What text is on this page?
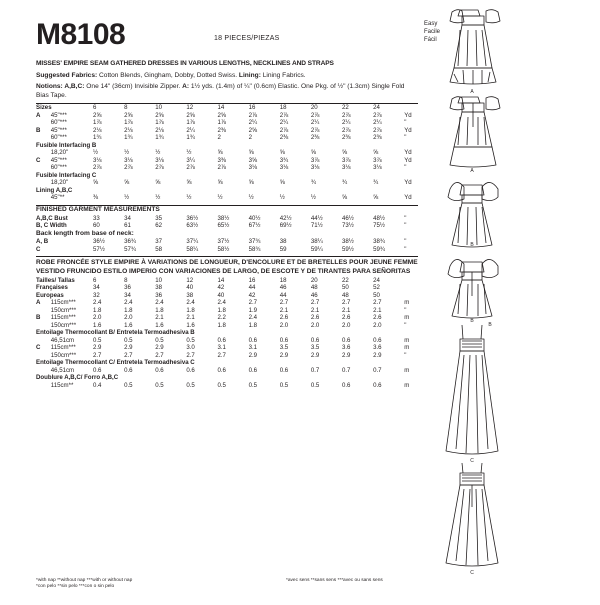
M8108	18 PIECES/PIEZAS
Easy
Facile
Fácil
MISSES' EMPIRE SEAM GATHERED DRESSES IN VARIOUS LENGTHS, NECKLINES AND STRAPS
Suggested Fabrics: Cotton Blends, Gingham, Dobby, Dotted Swiss. Lining: Lining Fabrics.
Notions: A,B,C: One 14" (36cm) Invisible Zipper. A: 1½ yds. (1.4m) of ¼" (0.6cm) Elastic. One Pkg. of ½" (1.3cm) Single Fold Bias Tape.
Sizes		6	8	10	12	14	16	18	20	22	24	
A	45"***	2⅝	2⅝	2⅝	2⅝	2⅝	2⅞	2⅞	2⅞	2⅞	2⅞	Yd
	60"***	1⅞	1⅞	1⅞	1⅞	1⅞	2¼	2¼	2¼	2¼	2¼	"
B	45"***	2⅛	2⅛	2⅛	2¼	2⅜	2⅝	2⅞	2⅞	2⅞	2⅞	Yd
	60"***	1¾	1¾	1¾	1¾	2	2	2⅜	2⅜	2⅜	2⅜	"
Fusible Interfacing B												
	18,20"	½	½	½	½	⅝	⅝	⅝	⅝	⅝	⅝	Yd
C	45"***	3⅛	3⅛	3⅛	3¼	3⅜	3⅝	3¾	3⅞	3⅞	3⅞	Yd
	60"***	2⅞	2⅞	2⅞	2⅞	2⅞	3⅛	3⅛	3⅛	3⅛	3⅛	"
Fusible Interfacing C												
	18,20"	⅝	⅝	⅝	⅝	⅝	⅝	⅝	¾	¾	¾	Yd
Lining A,B,C												
	45"**	⅜	½	½	½	½	½	½	½	⅝	⅝	Yd
FINISHED GARMENT MEASUREMENTS
A,B,C Bust	33	34	35	36½	38½	40½	42½	44½	46½	48½	"
B, C Width	60	61	62	63½	65½	67½	69½	71½	73½	75½	"
Back length from base of neck:
A, B	36½	36¾	37	37¼	37½	37¾	38	38¼	38½	38¾	"
C	57½	57¾	58	58¼	58½	58¾	59	59¼	59½	59¾	"
ROBE FRONCÉE STYLE EMPIRE À VARIATIONS DE LONGUEUR, D'ENCOLURE ET DE BRETELLES POUR JEUNE FEMME
VESTIDO FRUNCIDO ESTILO IMPERIO CON VARIACIONES DE LARGO, DE ESCOTE Y DE TIRANTES PARA SEÑORITAS
Tailles/ Tallas	6	8	10	12	14	16	18	20	22	24	
Françaises	34	36	38	40	42	44	46	48	50	52	
Europeas	32	34	36	38	40	42	44	46	48	50	
A	115cm***	2.4	2.4	2.4	2.4	2.4	2.7	2.7	2.7	2.7	2.7	m
	150cm***	1.8	1.8	1.8	1.8	1.8	1.9	2.1	2.1	2.1	2.1	"
B	115cm***	2.0	2.0	2.1	2.1	2.2	2.4	2.6	2.6	2.6	2.6	m
	150cm***	1.6	1.6	1.6	1.6	1.8	1.8	2.0	2.0	2.0	2.0	"
Entoilage Thermocollant B/ Entretela Termoadhesiva B												
	46,51cm	0.5	0.5	0.5	0.5	0.6	0.6	0.6	0.6	0.6	0.6	m
C	115cm***	2.9	2.9	2.9	3.0	3.1	3.1	3.5	3.5	3.6	3.6	m
	150cm***	2.7	2.7	2.7	2.7	2.7	2.9	2.9	2.9	2.9	2.9	"
Entoilage Thermocollant C/ Entretela Termoadhesiva C												
	46,51cm	0.6	0.6	0.6	0.6	0.6	0.6	0.6	0.7	0.7	0.7	m
Doublure A,B,C/ Forro A,B,C												
	115cm**	0.4	0.5	0.5	0.5	0.5	0.5	0.5	0.5	0.6	0.6	m
*with nap **without nap ***with or without nap
*con pelo **sin pelo ***con o sin pelo
*avec sens **sans sens ***avec ou sans sens
A
A
B
B
B
C
C
